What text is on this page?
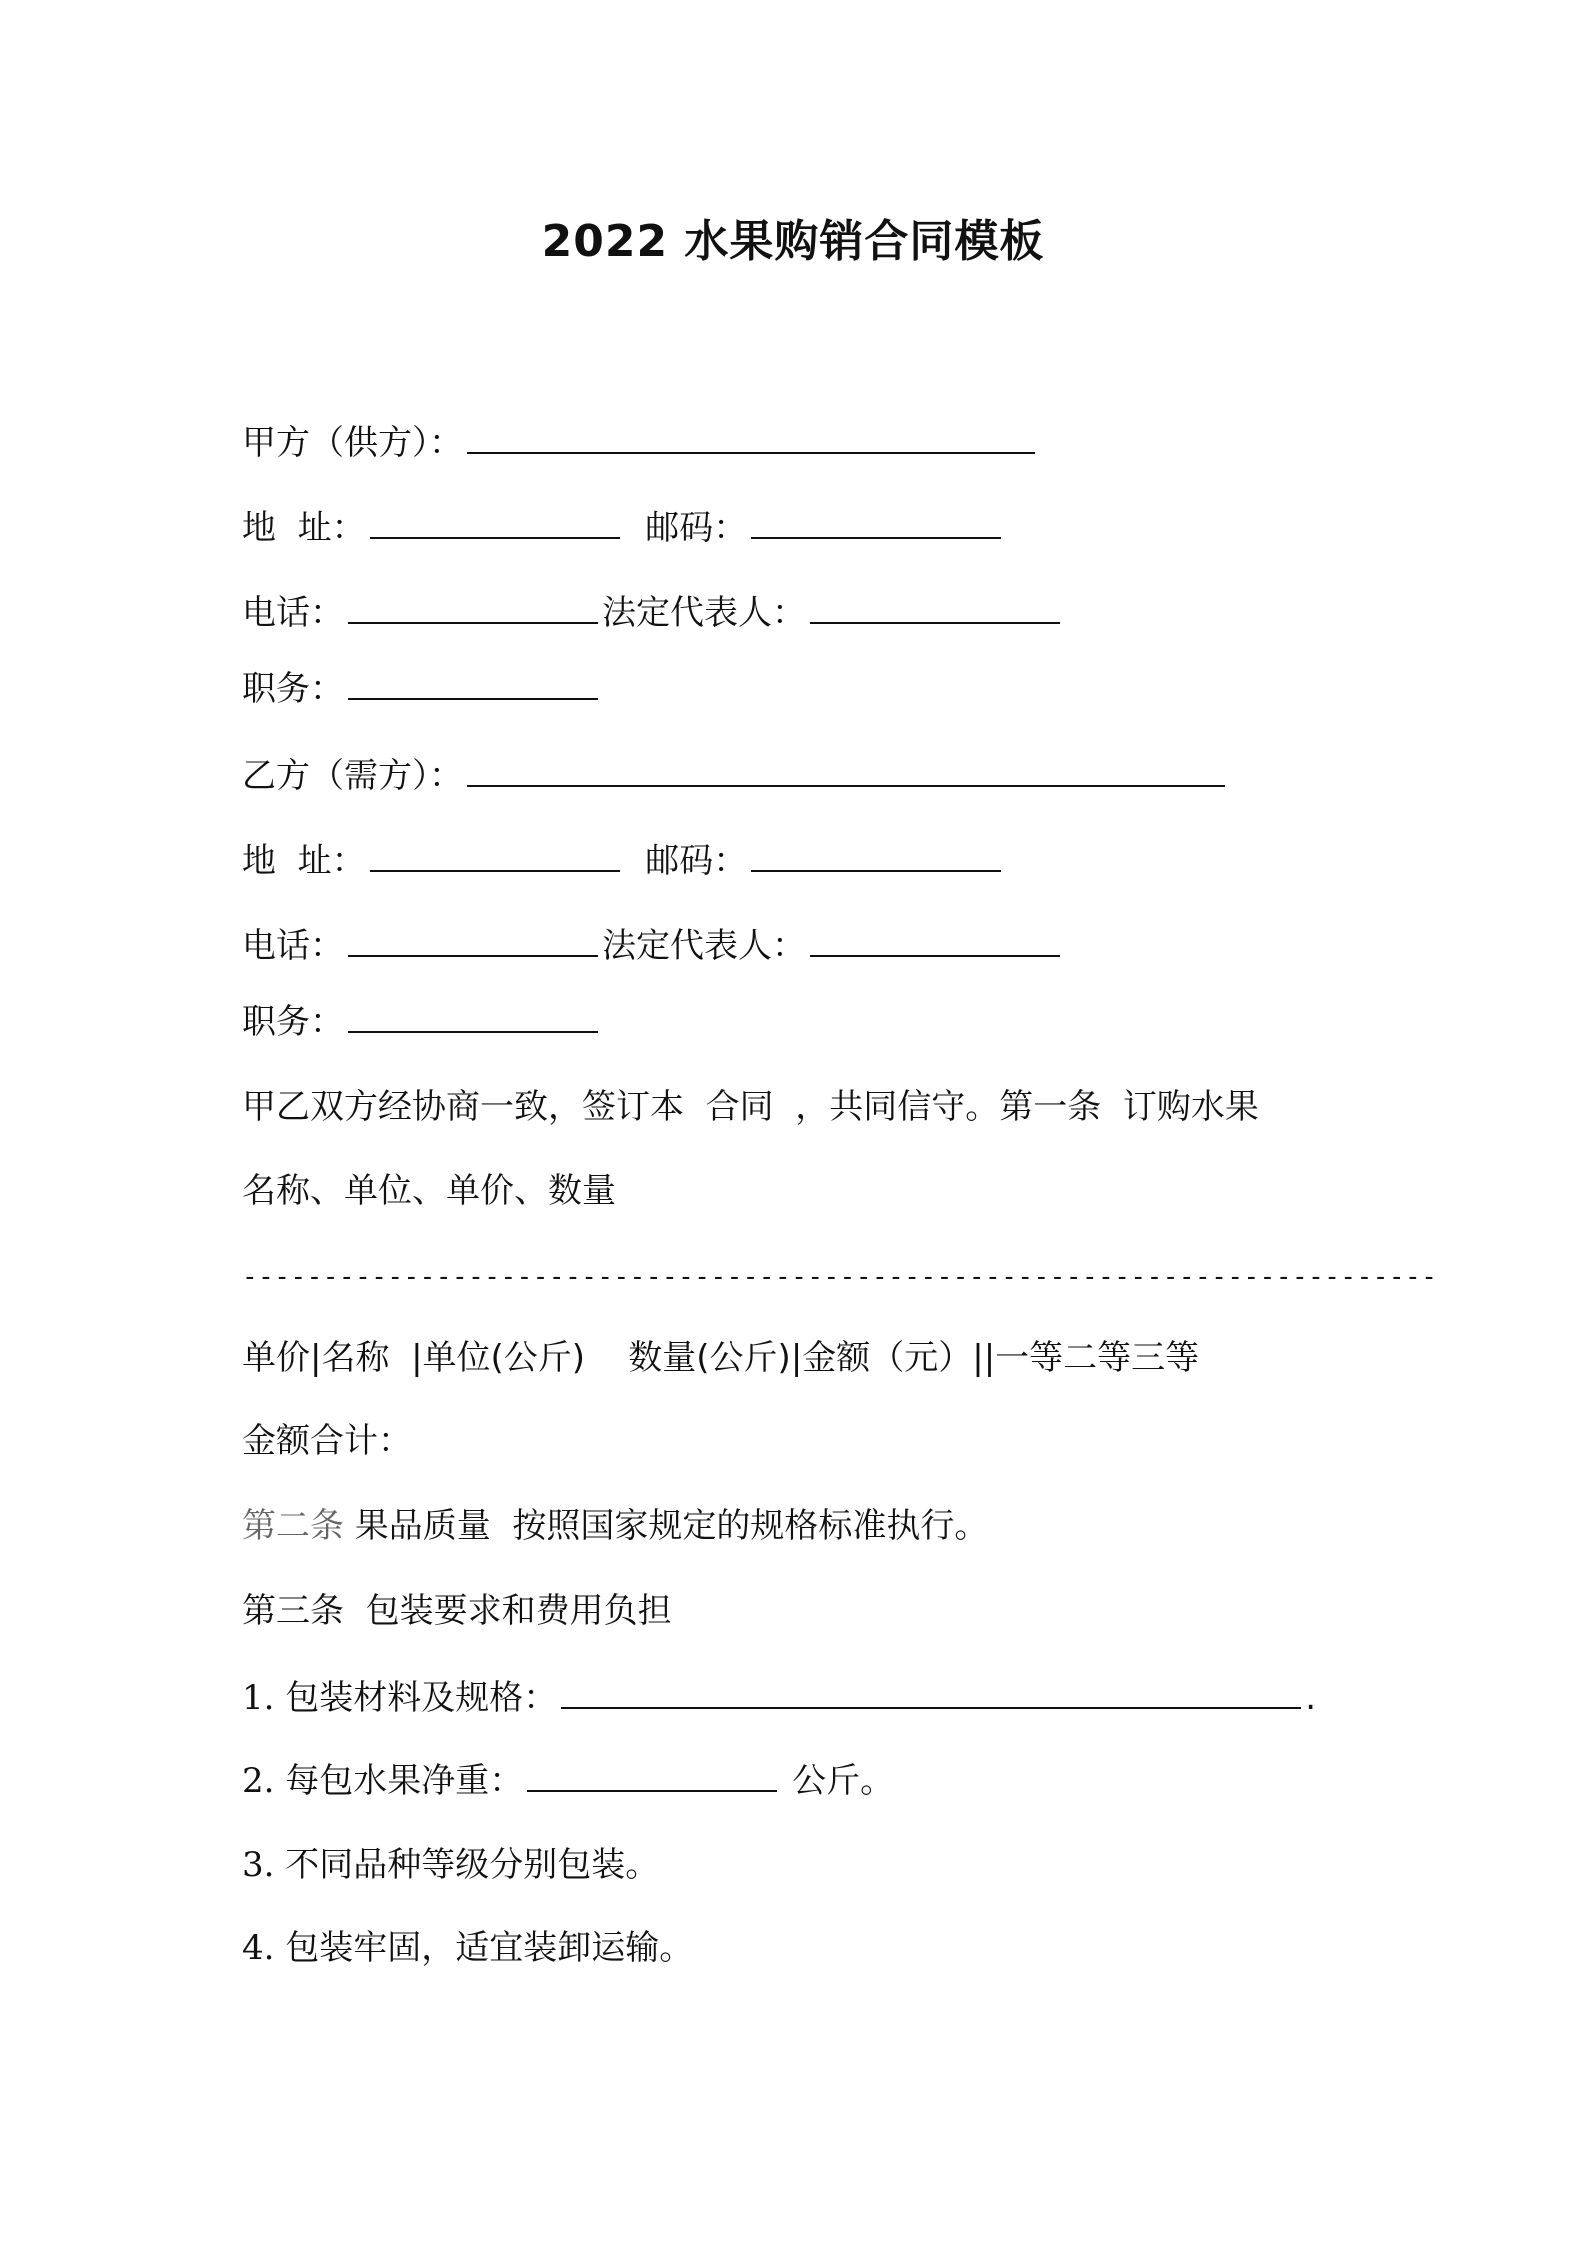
2022 水果购销合同模板
甲方（供方）：
地  址：	邮码：
电话：	法定代表人：
职务：
乙方（需方）：
地  址：	邮码：
电话：	法定代表人：
职务：
甲乙双方经协商一致，签订本  合同  ，共同信守。第一条  订购水果
名称、单位、单价、数量
--------------------------------------------------------------------------
单价|名称  |单位(公斤)    数量(公斤)|金额（元）||一等二等三等
金额合计：
第二条 果品质量  按照国家规定的规格标准执行。
第三条  包装要求和费用负担
1. 包装材料及规格：	.
2. 每包水果净重：	公斤。
3. 不同品种等级分别包装。
4. 包装牢固，适宜装卸运输。
